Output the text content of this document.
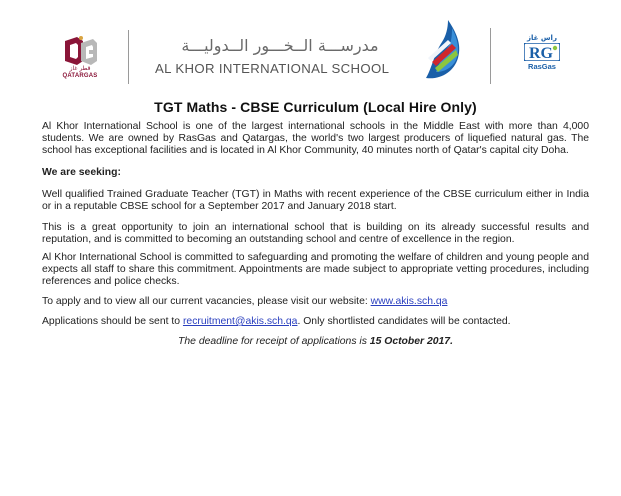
قطر غاز
QATARGAS
مدرســـة الــخـــور الــدوليـــة
AL KHOR INTERNATIONAL SCHOOL
راس غاز
RG
RasGas
TGT Maths - CBSE Curriculum (Local Hire Only)

Al Khor International School is one of the largest international schools in the Middle East with more than 4,000 students. We are owned by RasGas and Qatargas, the world's two largest producers of liquefied natural gas. The school has exceptional facilities and is located in Al Khor Community, 40 minutes north of Qatar's capital city Doha.

We are seeking:

Well qualified Trained Graduate Teacher (TGT) in Maths with recent experience of the CBSE curriculum either in India or in a reputable CBSE school for a September 2017 and January 2018 start.

This is a great opportunity to join an international school that is building on its already successful results and reputation, and is committed to becoming an outstanding school and centre of excellence in the region.

Al Khor International School is committed to safeguarding and promoting the welfare of children and young people and expects all staff to share this commitment. Appointments are made subject to appropriate vetting procedures, including references and police checks.

To apply and to view all our current vacancies, please visit our website: www.akis.sch.qa

Applications should be sent to recruitment@akis.sch.qa. Only shortlisted candidates will be contacted.

The deadline for receipt of applications is 15 October 2017.
